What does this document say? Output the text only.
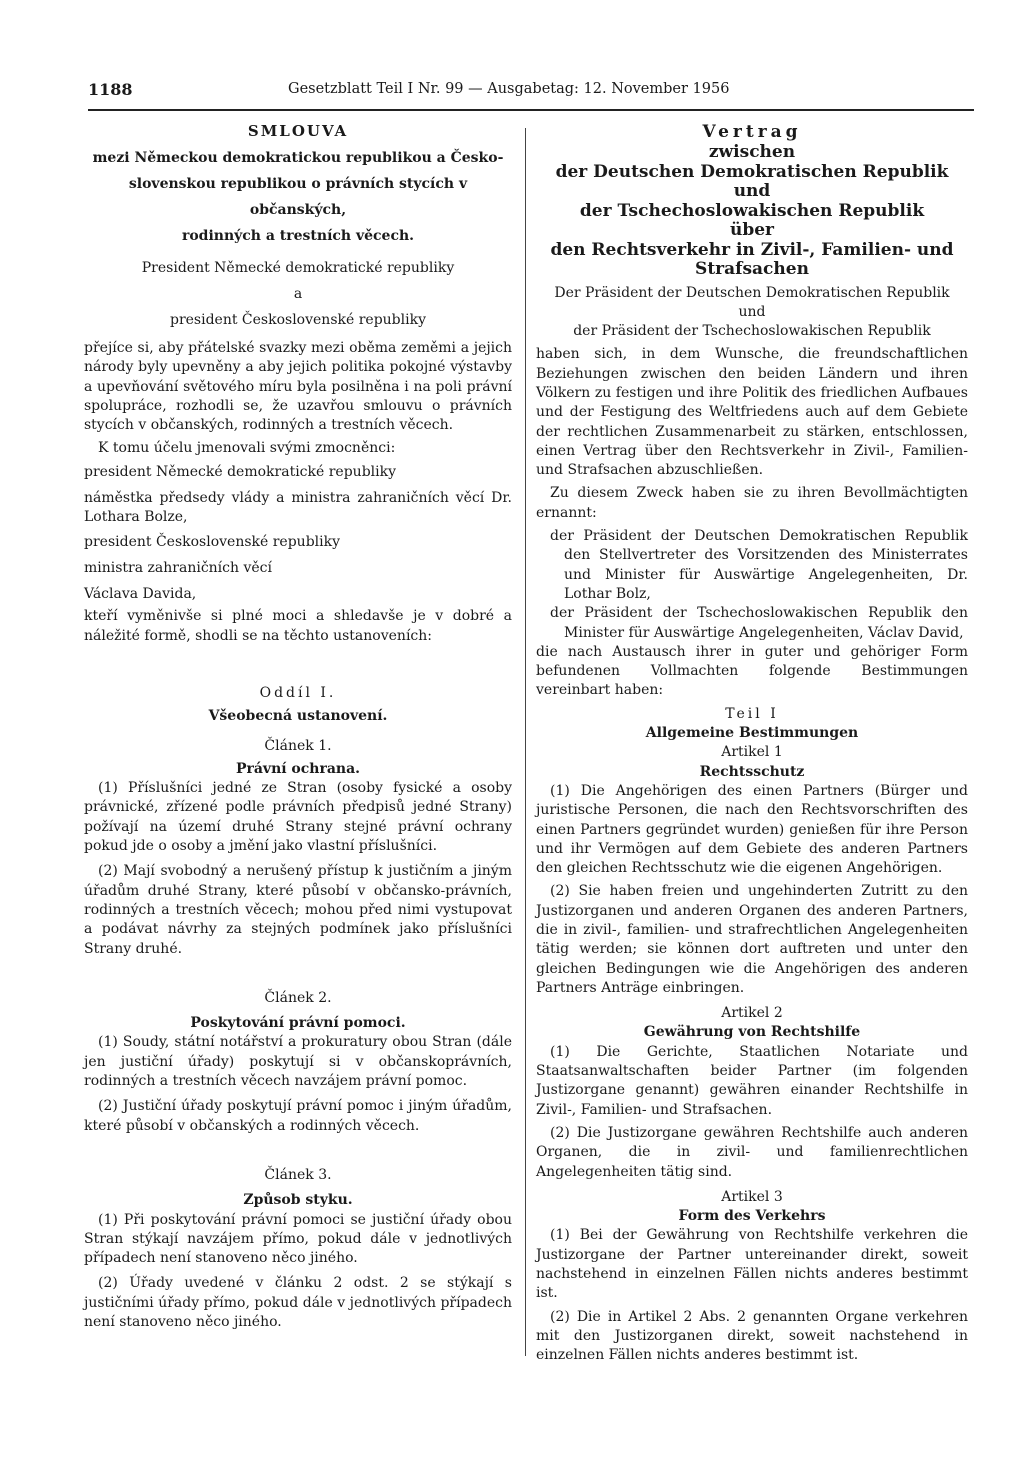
1188	Gesetzblatt Teil I Nr. 99 — Ausgabetag: 12. November 1956
SMLOUVA
mezi Německou demokratickou republikou a Česko-
slovenskou republikou o právních stycích v občanských,
rodinných a trestních věcech.
President Německé demokratické republiky
a
president Československé republiky

přejíce si, aby přátelské svazky mezi oběma zeměmi a jejich národy byly upevněny a aby jejich politika pokojné výstavby a upevňování světového míru byla posilněna i na poli právní spolupráce, rozhodli se, že uzavřou smlouvu o právních stycích v občanských, rodinných a trestních věcech.

K tomu účelu jmenovali svými zmocněnci:

president Německé demokratické republiky

náměstka předsedy vlády a ministra zahraničních věcí Dr. Lothara Bolze,

president Československé republiky

ministra zahraničních věcí

Václava Davida,

kteří vyměnivše si plné moci a shledavše je v dobré a náležité formě, shodli se na těchto ustanoveních:

Oddíl I.
Všeobecná ustanovení.
Článek 1.
Právní ochrana.

(1) Příslušníci jedné ze Stran (osoby fysické a osoby právnické, zřízené podle právních předpisů jedné Strany) požívají na území druhé Strany stejné právní ochrany pokud jde o osoby a jmění jako vlastní příslušníci.

(2) Mají svobodný a nerušený přístup k justičním a jiným úřadům druhé Strany, které působí v občansko-právních, rodinných a trestních věcech; mohou před nimi vystupovat a podávat návrhy za stejných podmínek jako příslušníci Strany druhé.

Článek 2.
Poskytování právní pomoci.

(1) Soudy, státní notářství a prokuratury obou Stran (dále jen justiční úřady) poskytují si v občanskoprávních, rodinných a trestních věcech navzájem právní pomoc.

(2) Justiční úřady poskytují právní pomoc i jiným úřadům, které působí v občanských a rodinných věcech.

Článek 3.
Způsob styku.

(1) Při poskytování právní pomoci se justiční úřady obou Stran stýkají navzájem přímo, pokud dále v jednotlivých případech není stanoveno něco jiného.

(2) Úřady uvedené v článku 2 odst. 2 se stýkají s justičními úřady přímo, pokud dále v jednotlivých případech není stanoveno něco jiného.

Vertrag
zwischen
der Deutschen Demokratischen Republik
und
der Tschechoslowakischen Republik
über
den Rechtsverkehr in Zivil-, Familien- und
Strafsachen
Der Präsident der Deutschen Demokratischen Republik
und
der Präsident der Tschechoslowakischen Republik

haben sich, in dem Wunsche, die freundschaftlichen Beziehungen zwischen den beiden Ländern und ihren Völkern zu festigen und ihre Politik des friedlichen Aufbaues und der Festigung des Weltfriedens auch auf dem Gebiete der rechtlichen Zusammenarbeit zu stärken, entschlossen, einen Vertrag über den Rechtsverkehr in Zivil-, Familien- und Strafsachen abzuschließen.

Zu diesem Zweck haben sie zu ihren Bevollmächtigten ernannt:

der Präsident der Deutschen Demokratischen Republik den Stellvertreter des Vorsitzenden des Ministerrates und Minister für Auswärtige Angelegenheiten, Dr. Lothar Bolz,

der Präsident der Tschechoslowakischen Republik den Minister für Auswärtige Angelegenheiten, Václav David,

die nach Austausch ihrer in guter und gehöriger Form befundenen Vollmachten folgende Bestimmungen vereinbart haben:

Teil I
Allgemeine Bestimmungen
Artikel 1
Rechtsschutz

(1) Die Angehörigen des einen Partners (Bürger und juristische Personen, die nach den Rechtsvorschriften des einen Partners gegründet wurden) genießen für ihre Person und ihr Vermögen auf dem Gebiete des anderen Partners den gleichen Rechtsschutz wie die eigenen Angehörigen.

(2) Sie haben freien und ungehinderten Zutritt zu den Justizorganen und anderen Organen des anderen Partners, die in zivil-, familien- und strafrechtlichen Angelegenheiten tätig werden; sie können dort auftreten und unter den gleichen Bedingungen wie die Angehörigen des anderen Partners Anträge einbringen.

Artikel 2
Gewährung von Rechtshilfe

(1) Die Gerichte, Staatlichen Notariate und Staatsanwaltschaften beider Partner (im folgenden Justizorgane genannt) gewähren einander Rechtshilfe in Zivil-, Familien- und Strafsachen.

(2) Die Justizorgane gewähren Rechtshilfe auch anderen Organen, die in zivil- und familienrechtlichen Angelegenheiten tätig sind.

Artikel 3
Form des Verkehrs

(1) Bei der Gewährung von Rechtshilfe verkehren die Justizorgane der Partner untereinander direkt, soweit nachstehend in einzelnen Fällen nichts anderes bestimmt ist.

(2) Die in Artikel 2 Abs. 2 genannten Organe verkehren mit den Justizorganen direkt, soweit nachstehend in einzelnen Fällen nichts anderes bestimmt ist.
